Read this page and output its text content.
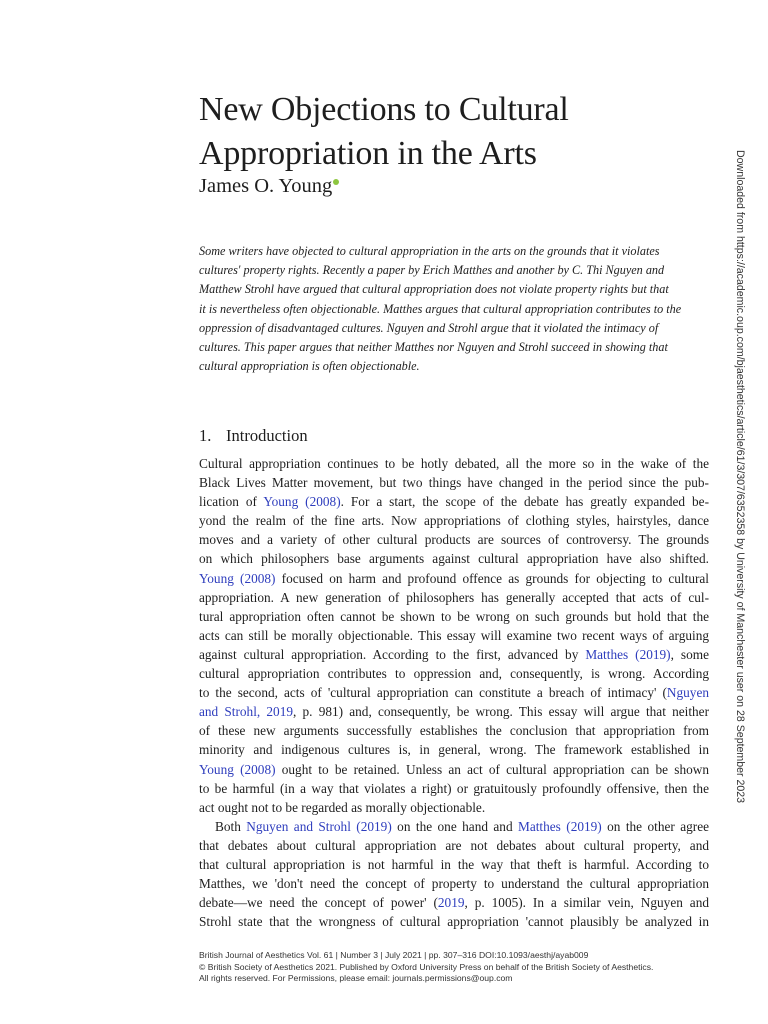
New Objections to Cultural
Appropriation in the Arts
James O. Young
Some writers have objected to cultural appropriation in the arts on the grounds that it violates
cultures' property rights. Recently a paper by Erich Matthes and another by C. Thi Nguyen and
Matthew Strohl have argued that cultural appropriation does not violate property rights but that
it is nevertheless often objectionable. Matthes argues that cultural appropriation contributes to the
oppression of disadvantaged cultures. Nguyen and Strohl argue that it violated the intimacy of
cultures. This paper argues that neither Matthes nor Nguyen and Strohl succeed in showing that
cultural appropriation is often objectionable.
1. Introduction
Cultural appropriation continues to be hotly debated, all the more so in the wake of the
Black Lives Matter movement, but two things have changed in the period since the pub-
lication of Young (2008). For a start, the scope of the debate has greatly expanded be-
yond the realm of the fine arts. Now appropriations of clothing styles, hairstyles, dance
moves and a variety of other cultural products are sources of controversy. The grounds
on which philosophers base arguments against cultural appropriation have also shifted.
Young (2008) focused on harm and profound offence as grounds for objecting to cultural
appropriation. A new generation of philosophers has generally accepted that acts of cul-
tural appropriation often cannot be shown to be wrong on such grounds but hold that the
acts can still be morally objectionable. This essay will examine two recent ways of arguing
against cultural appropriation. According to the first, advanced by Matthes (2019), some
cultural appropriation contributes to oppression and, consequently, is wrong. According
to the second, acts of 'cultural appropriation can constitute a breach of intimacy' (Nguyen
and Strohl, 2019, p. 981) and, consequently, be wrong. This essay will argue that neither
of these new arguments successfully establishes the conclusion that appropriation from
minority and indigenous cultures is, in general, wrong. The framework established in
Young (2008) ought to be retained. Unless an act of cultural appropriation can be shown
to be harmful (in a way that violates a right) or gratuitously profoundly offensive, then the
act ought not to be regarded as morally objectionable.
Both Nguyen and Strohl (2019) on the one hand and Matthes (2019) on the other agree
that debates about cultural appropriation are not debates about cultural property, and
that cultural appropriation is not harmful in the way that theft is harmful. According to
Matthes, we 'don't need the concept of property to understand the cultural appropriation
debate—we need the concept of power' (2019, p. 1005). In a similar vein, Nguyen and
Strohl state that the wrongness of cultural appropriation 'cannot plausibly be analyzed in
British Journal of Aesthetics Vol. 61 | Number 3 | July 2021 | pp. 307–316 DOI:10.1093/aesthj/ayab009
© British Society of Aesthetics 2021. Published by Oxford University Press on behalf of the British Society of Aesthetics.
All rights reserved. For Permissions, please email: journals.permissions@oup.com
Downloaded from https://academic.oup.com/bjaesthetics/article/61/3/307/6352358 by University of Manchester user on 28 September 2023
